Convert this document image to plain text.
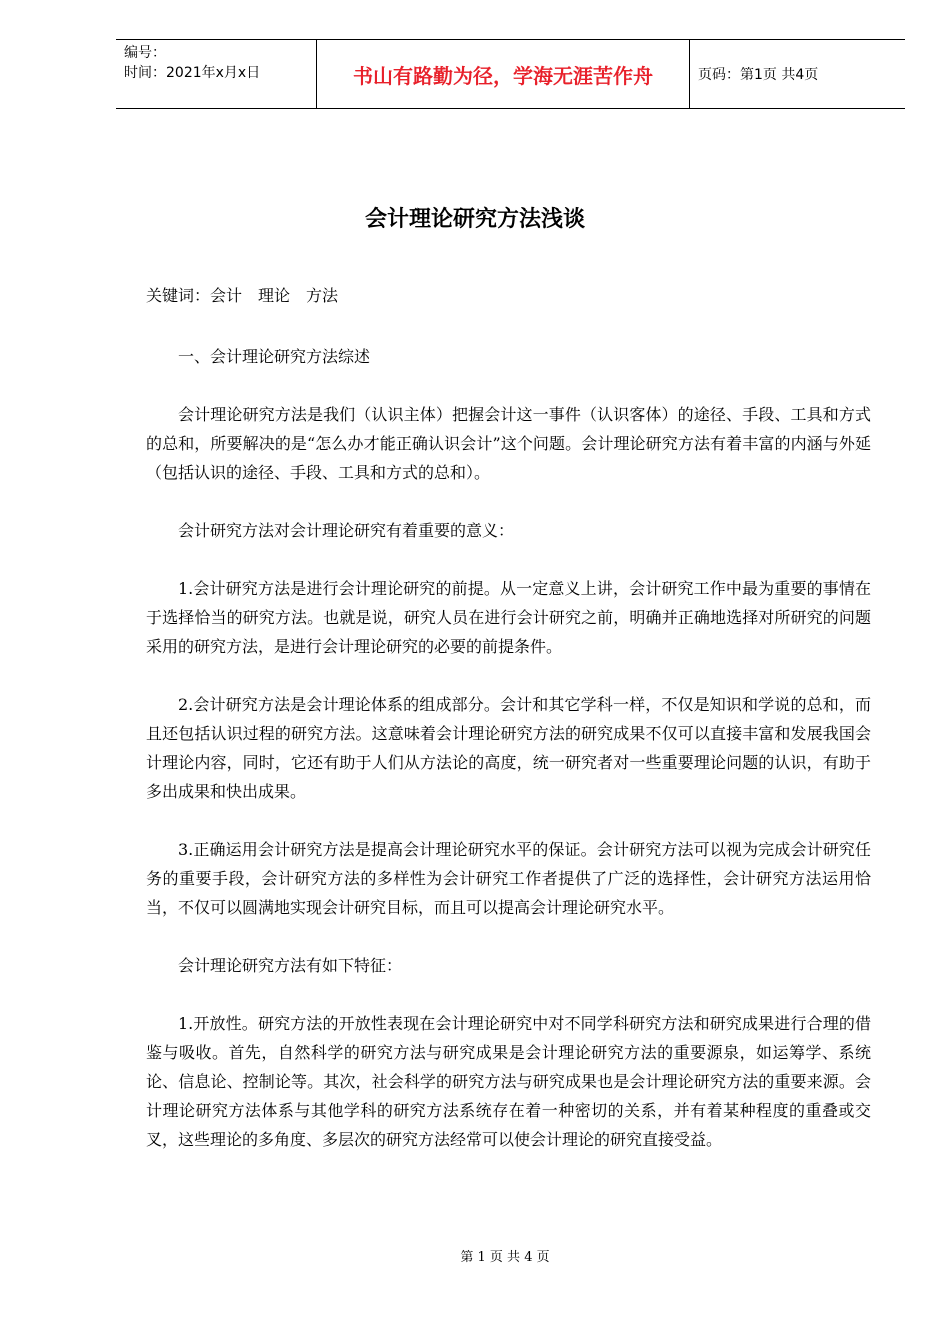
编号：
时间：2021年x月x日	书山有路勤为径，学海无涯苦作舟	页码：第1页 共4页
会计理论研究方法浅谈

关键词：会计　理论　方法

一、会计理论研究方法综述

会计理论研究方法是我们（认识主体）把握会计这一事件（认识客体）的途径、手段、工具和方式的总和，所要解决的是“怎么办才能正确认识会计”这个问题。会计理论研究方法有着丰富的内涵与外延（包括认识的途径、手段、工具和方式的总和）。

会计研究方法对会计理论研究有着重要的意义：

1.会计研究方法是进行会计理论研究的前提。从一定意义上讲，会计研究工作中最为重要的事情在于选择恰当的研究方法。也就是说，研究人员在进行会计研究之前，明确并正确地选择对所研究的问题采用的研究方法，是进行会计理论研究的必要的前提条件。

2.会计研究方法是会计理论体系的组成部分。会计和其它学科一样，不仅是知识和学说的总和，而且还包括认识过程的研究方法。这意味着会计理论研究方法的研究成果不仅可以直接丰富和发展我国会计理论内容，同时，它还有助于人们从方法论的高度，统一研究者对一些重要理论问题的认识，有助于多出成果和快出成果。

3.正确运用会计研究方法是提高会计理论研究水平的保证。会计研究方法可以视为完成会计研究任务的重要手段，会计研究方法的多样性为会计研究工作者提供了广泛的选择性，会计研究方法运用恰当，不仅可以圆满地实现会计研究目标，而且可以提高会计理论研究水平。

会计理论研究方法有如下特征：

1.开放性。研究方法的开放性表现在会计理论研究中对不同学科研究方法和研究成果进行合理的借鉴与吸收。首先，自然科学的研究方法与研究成果是会计理论研究方法的重要源泉，如运筹学、系统论、信息论、控制论等。其次，社会科学的研究方法与研究成果也是会计理论研究方法的重要来源。会计理论研究方法体系与其他学科的研究方法系统存在着一种密切的关系，并有着某种程度的重叠或交叉，这些理论的多角度、多层次的研究方法经常可以使会计理论的研究直接受益。

第 1 页 共 4 页
